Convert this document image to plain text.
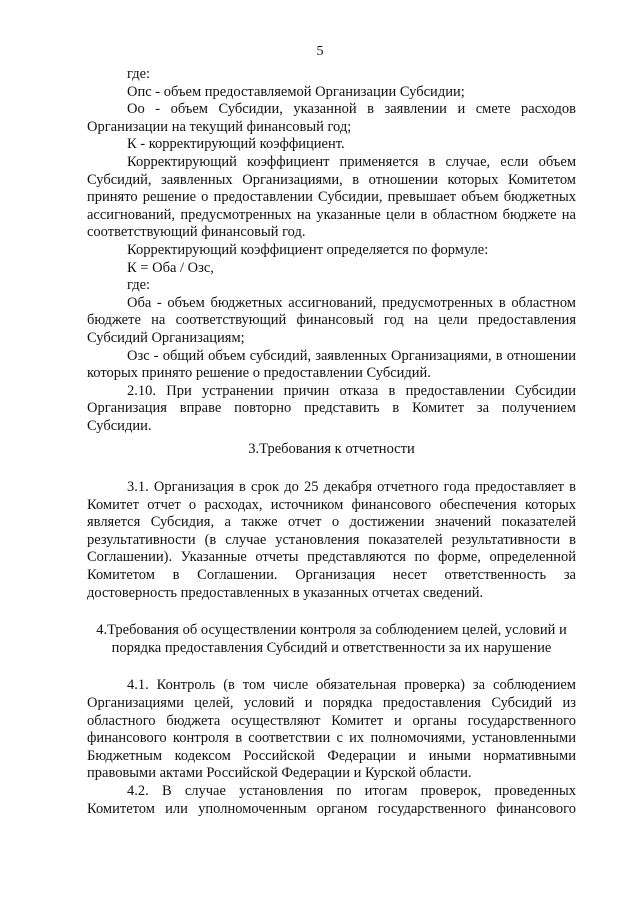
5

где:

Опс - объем предоставляемой Организации Субсидии;

Оо - объем Субсидии, указанной в заявлении и смете расходов Организации на текущий финансовый год;

К - корректирующий коэффициент.

Корректирующий коэффициент применяется в случае, если объем Субсидий, заявленных Организациями, в отношении которых Комитетом принято решение о предоставлении Субсидии, превышает объем бюджетных ассигнований, предусмотренных на указанные цели в областном бюджете на соответствующий финансовый год.

Корректирующий коэффициент определяется по формуле:

К = Оба / Озс,

где:

Оба - объем бюджетных ассигнований, предусмотренных в областном бюджете на соответствующий финансовый год на цели предоставления Субсидий Организациям;

Озс - общий объем субсидий, заявленных Организациями, в отношении которых принято решение о предоставлении Субсидий.

2.10. При устранении причин отказа в предоставлении Субсидии Организация вправе повторно представить в Комитет за получением Субсидии.

3.Требования к отчетности

3.1. Организация в срок до 25 декабря отчетного года предоставляет в Комитет отчет о расходах, источником финансового обеспечения которых является Субсидия, а также отчет о достижении значений показателей результативности (в случае установления показателей результативности в Соглашении). Указанные отчеты представляются по форме, определенной Комитетом в Соглашении. Организация несет ответственность за достоверность предоставленных в указанных отчетах сведений.

4.Требования об осуществлении контроля за соблюдением целей, условий и порядка предоставления Субсидий и ответственности за их нарушение

4.1. Контроль (в том числе обязательная проверка) за соблюдением Организациями целей, условий и порядка предоставления Субсидий из областного бюджета осуществляют Комитет и органы государственного финансового контроля в соответствии с их полномочиями, установленными Бюджетным кодексом Российской Федерации и иными нормативными правовыми актами Российской Федерации и Курской области.

4.2. В случае установления по итогам проверок, проведенных Комитетом или уполномоченным органом государственного финансового
